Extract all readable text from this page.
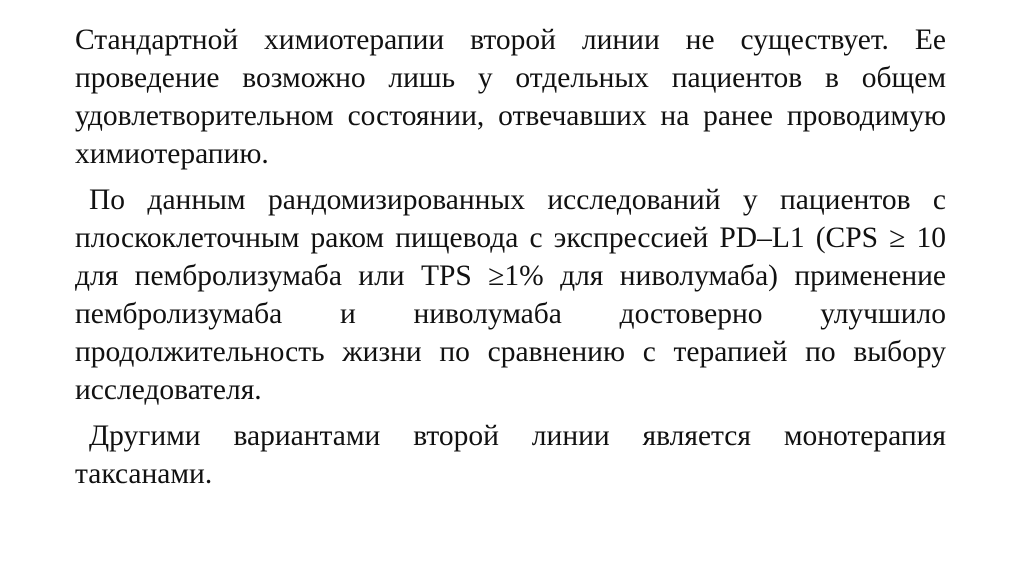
Стандартной химиотерапии второй линии не существует. Ее проведение возможно лишь у отдельных пациентов в общем удовлетворительном состоянии, отвечавших на ранее проводимую химиотерапию.

По данным рандомизированных исследований у пациентов с плоскоклеточным раком пищевода с экспрессией PD–L1 (CPS ≥ 10 для пембролизумаба или TPS ≥1% для ниволумаба) применение пембролизумаба и ниволумаба достоверно улучшило продолжительность жизни по сравнению с терапией по выбору исследователя.

Другими вариантами второй линии является монотерапия таксанами.
